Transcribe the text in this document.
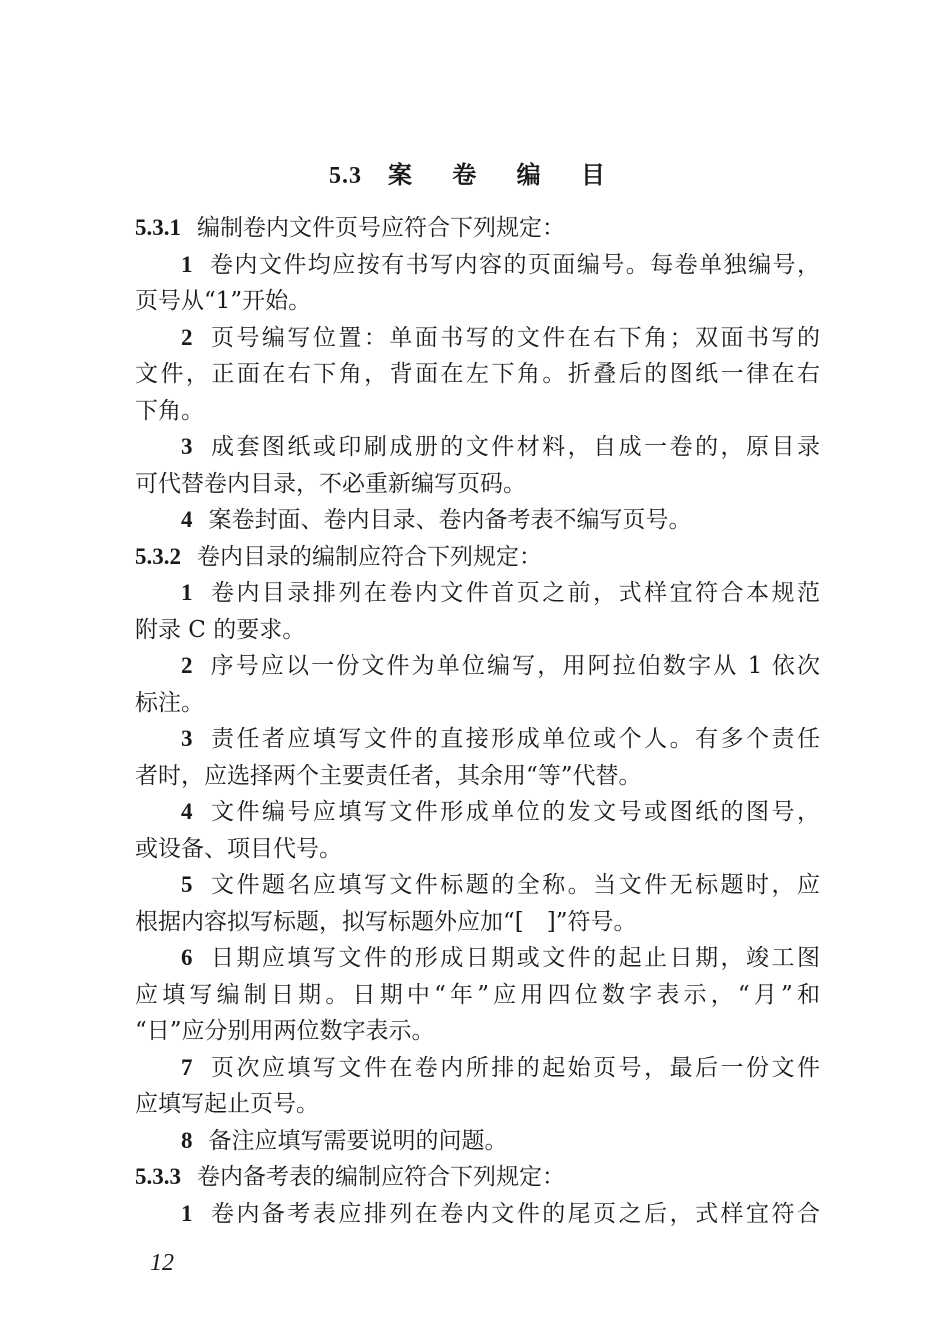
5.3 案 卷 编 目
5.3.1 编制卷内文件页号应符合下列规定：
1 卷内文件均应按有书写内容的页面编号。每卷单独编号，
页号从“1”开始。
2 页号编写位置：单面书写的文件在右下角；双面书写的
文件，正面在右下角，背面在左下角。折叠后的图纸一律在右
下角。
3 成套图纸或印刷成册的文件材料，自成一卷的，原目录
可代替卷内目录，不必重新编写页码。
4 案卷封面、卷内目录、卷内备考表不编写页号。
5.3.2 卷内目录的编制应符合下列规定：
1 卷内目录排列在卷内文件首页之前，式样宜符合本规范
附录 C 的要求。
2 序号应以一份文件为单位编写，用阿拉伯数字从 1 依次
标注。
3 责任者应填写文件的直接形成单位或个人。有多个责任
者时，应选择两个主要责任者，其余用“等”代替。
4 文件编号应填写文件形成单位的发文号或图纸的图号，
或设备、项目代号。
5 文件题名应填写文件标题的全称。当文件无标题时，应
根据内容拟写标题，拟写标题外应加“[　]”符号。
6 日期应填写文件的形成日期或文件的起止日期，竣工图
应填写编制日期。日期中“年”应用四位数字表示，“月”和
“日”应分别用两位数字表示。
7 页次应填写文件在卷内所排的起始页号，最后一份文件
应填写起止页号。
8 备注应填写需要说明的问题。
5.3.3 卷内备考表的编制应符合下列规定：
1 卷内备考表应排列在卷内文件的尾页之后，式样宜符合
12
